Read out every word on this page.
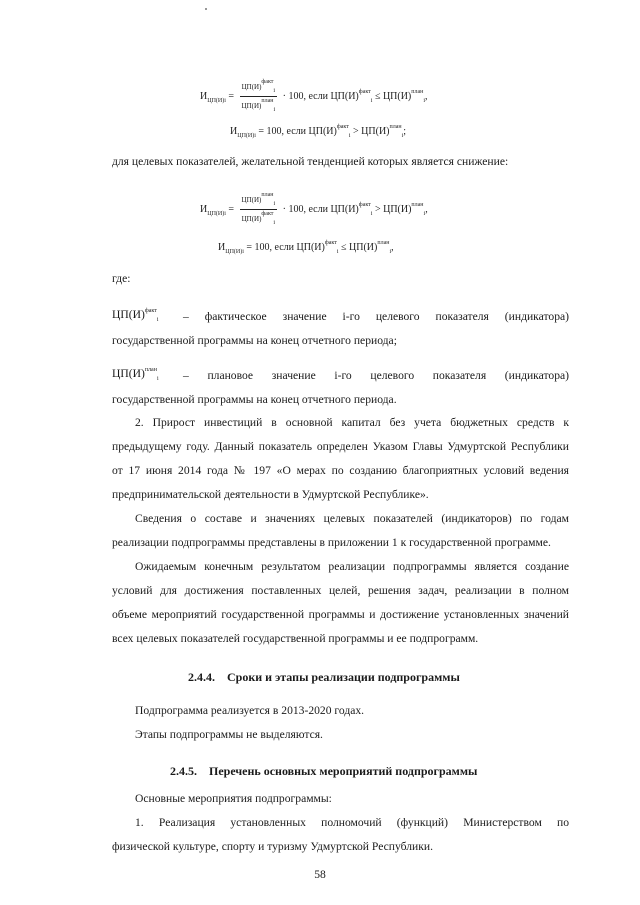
$И_{ЦП(И)i} = \frac{ЦП(И)^{факт}_i}{ЦП(И)^{план}_i} \cdot 100$, если $ЦП(И)^{факт}_i \le ЦП(И)^{план}_i$,
$И_{ЦП(И)i} = 100$, если $ЦП(И)^{факт}_i > ЦП(И)^{план}_i$;
для целевых показателей, желательной тенденцией которых является снижение:
$И_{ЦП(И)i} = \frac{ЦП(И)^{план}_i}{ЦП(И)^{факт}_i} \cdot 100$, если $ЦП(И)^{факт}_i > ЦП(И)^{план}_i$,
$И_{ЦП(И)i} = 100$, если $ЦП(И)^{факт}_i \le ЦП(И)^{план}_i$,
где:
$ЦП(И)^{факт}_i$ – фактическое значение i-го целевого показателя (индикатора)
государственной программы на конец отчетного периода;
$ЦП(И)^{план}_i$ – плановое значение i-го целевого показателя (индикатора)
государственной программы на конец отчетного периода.
2. Прирост инвестиций в основной капитал без учета бюджетных средств к
предыдущему году. Данный показатель определен Указом Главы Удмуртской Республики
от 17 июня 2014 года № 197 «О мерах по созданию благоприятных условий ведения
предпринимательской деятельности в Удмуртской Республике».
Сведения о составе и значениях целевых показателей (индикаторов) по годам
реализации подпрограммы представлены в приложении 1 к государственной программе.
Ожидаемым конечным результатом реализации подпрограммы является создание
условий для достижения поставленных целей, решения задач, реализации в полном
объеме мероприятий государственной программы и достижение установленных значений
всех целевых показателей государственной программы и ее подпрограмм.
2.4.4. Сроки и этапы реализации подпрограммы
Подпрограмма реализуется в 2013-2020 годах.
Этапы подпрограммы не выделяются.
2.4.5. Перечень основных мероприятий подпрограммы
Основные мероприятия подпрограммы:
1. Реализация установленных полномочий (функций) Министерством по
физической культуре, спорту и туризму Удмуртской Республики.
58
